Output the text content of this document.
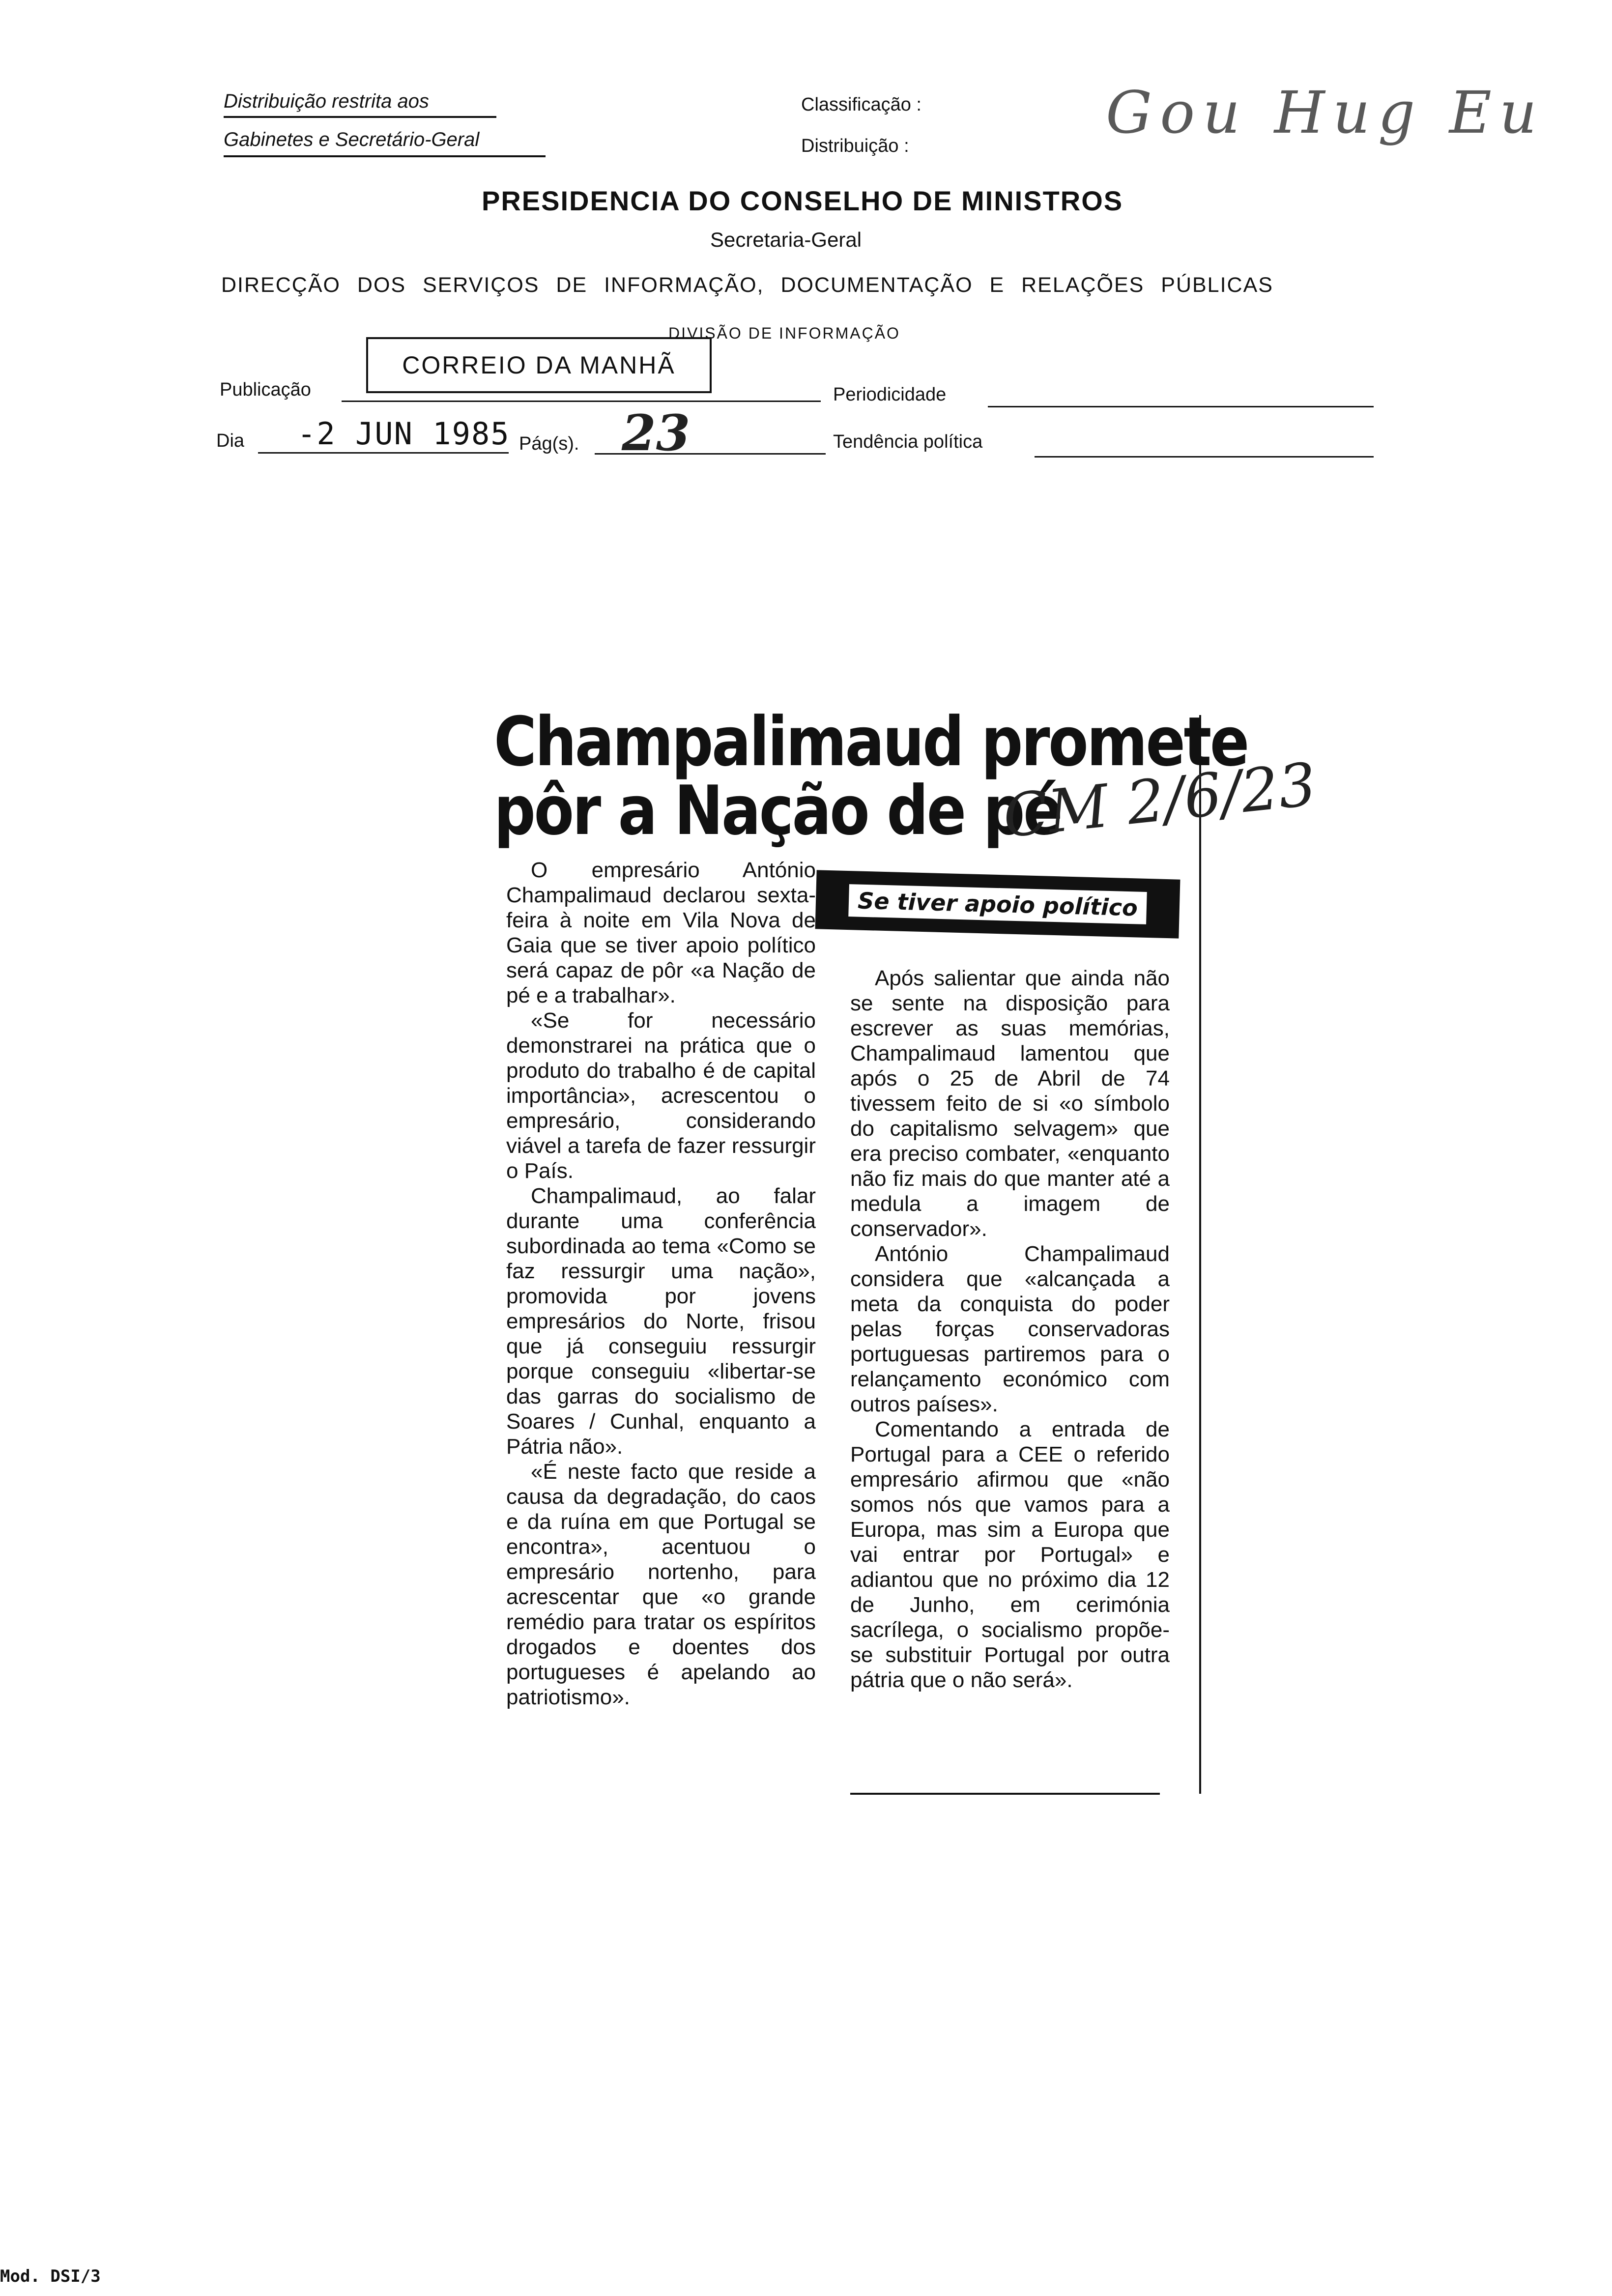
Distribuição restrita aos
Gabinetes e Secretário-Geral
Classificação :
Distribuição :	Gou Hug Eu
PRESIDENCIA DO CONSELHO DE MINISTROS
Secretaria-Geral
DIRECÇÃO DOS SERVIÇOS DE INFORMAÇÃO, DOCUMENTAÇÃO E RELAÇÕES PÚBLICAS
DIVISÃO DE INFORMAÇÃO
Publicação
CORREIO DA MANHÃ
Periodicidade
Dia -2 JUN 1985 Pág(s). 23	Tendência política
Champalimaud promete
pôr a Nação de pé
CM 2/6/23
Se tiver apoio político

O empresário António Champalimaud declarou sexta-feira à noite em Vila Nova de Gaia que se tiver apoio político será capaz de pôr «a Nação de pé e a trabalhar».

«Se for necessário demonstrarei na prática que o produto do trabalho é de capital importância», acrescentou o empresário, considerando viável a tarefa de fazer ressurgir o País.

Champalimaud, ao falar durante uma conferência subordinada ao tema «Como se faz ressurgir uma nação», promovida por jovens empresários do Norte, frisou que já conseguiu ressurgir porque conseguiu «libertar-se das garras do socialismo de Soares / Cunhal, enquanto a Pátria não».

«É neste facto que reside a causa da degradação, do caos e da ruína em que Portugal se encontra», acentuou o empresário nortenho, para acrescentar que «o grande remédio para tratar os espíritos drogados e doentes dos portugueses é apelando ao patriotismo».

Após salientar que ainda não se sente na disposição para escrever as suas memórias, Champalimaud lamentou que após o 25 de Abril de 74 tivessem feito de si «o símbolo do capitalismo selvagem» que era preciso combater, «enquanto não fiz mais do que manter até a medula a imagem de conservador».

António Champalimaud considera que «alcançada a meta da conquista do poder pelas forças conservadoras portuguesas partiremos para o relançamento económico com outros países».

Comentando a entrada de Portugal para a CEE o referido empresário afirmou que «não somos nós que vamos para a Europa, mas sim a Europa que vai entrar por Portugal» e adiantou que no próximo dia 12 de Junho, em cerimónia sacrílega, o socialismo propõe-se substituir Portugal por outra pátria que o não será».

Mod. DSI/3
